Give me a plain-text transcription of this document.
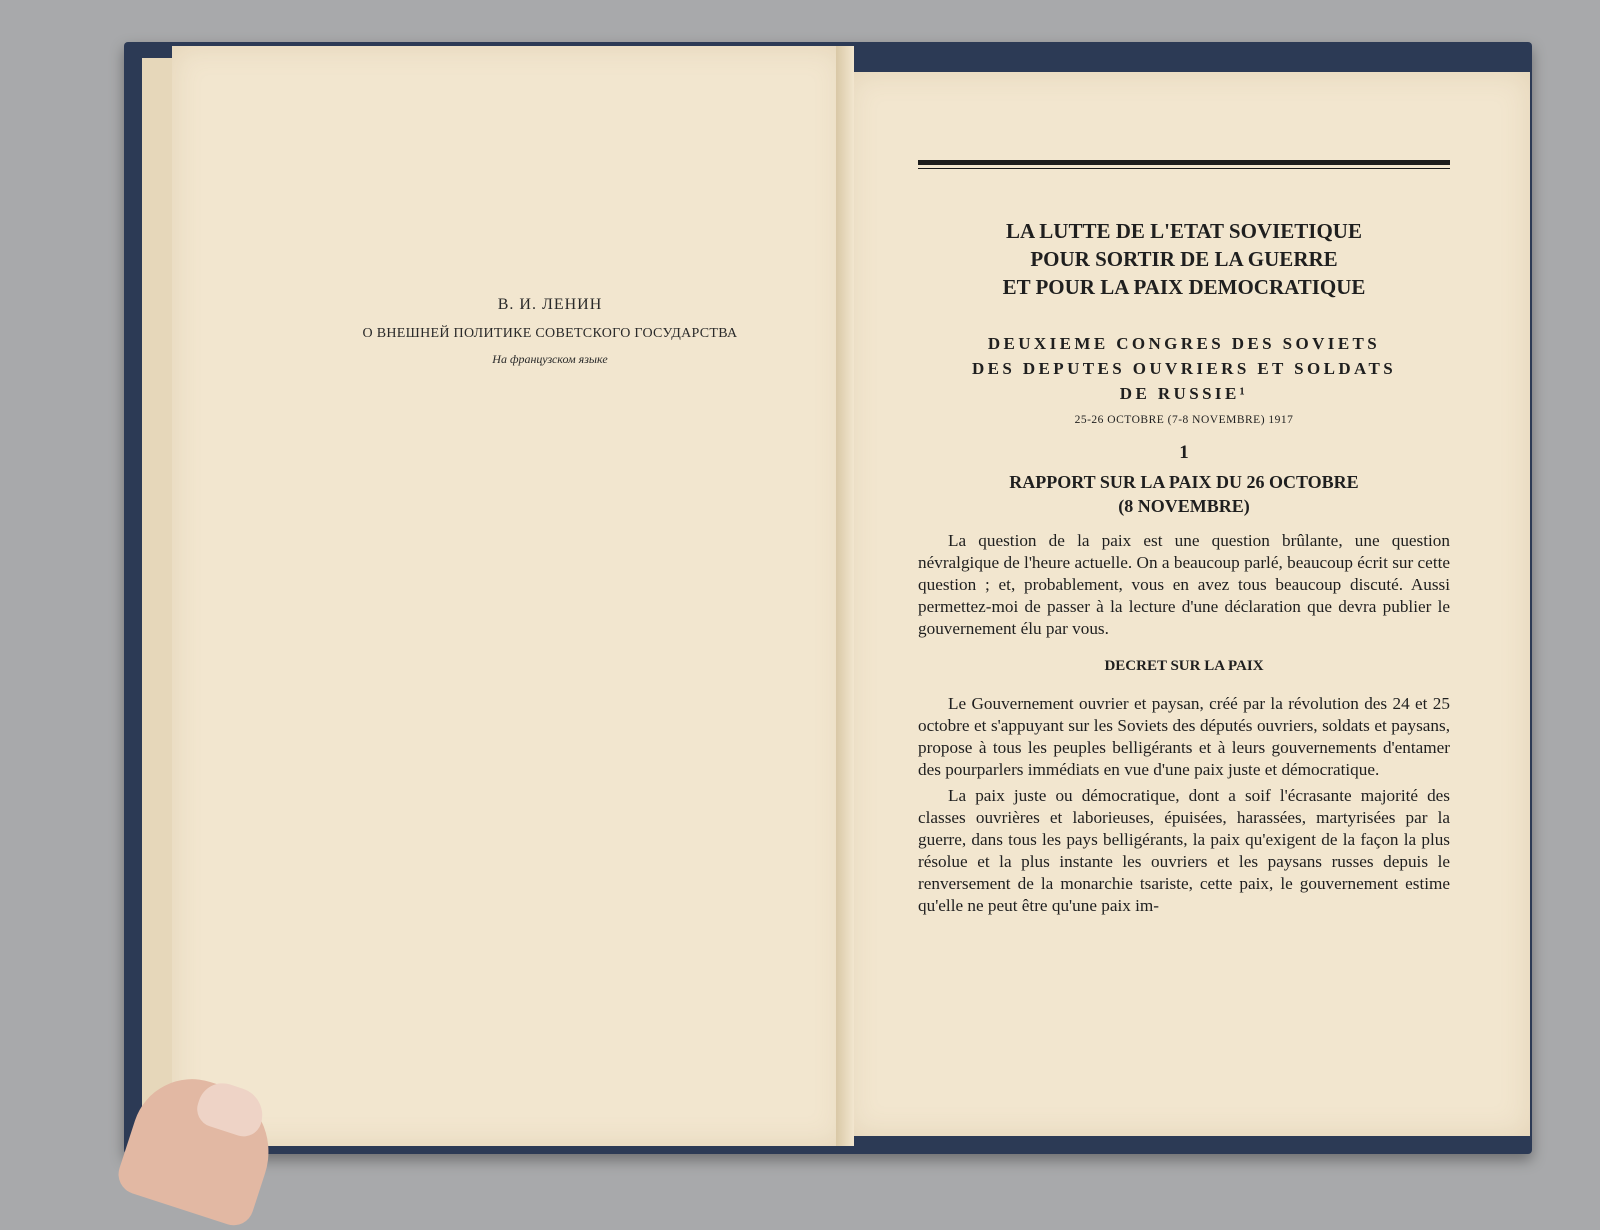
В. И. ЛЕНИН

О ВНЕШНЕЙ ПОЛИТИКЕ СОВЕТСКОГО ГОСУДАРСТВА

На французском языке

LA LUTTE DE L'ETAT SOVIETIQUE
POUR SORTIR DE LA GUERRE
ET POUR LA PAIX DEMOCRATIQUE
DEUXIEME CONGRES DES SOVIETS
DES DEPUTES OUVRIERS ET SOLDATS
DE RUSSIE¹
25-26 OCTOBRE (7-8 NOVEMBRE) 1917
1
RAPPORT SUR LA PAIX DU 26 OCTOBRE
(8 NOVEMBRE)

La question de la paix est une question brûlante, une question névralgique de l'heure actuelle. On a beaucoup parlé, beaucoup écrit sur cette question ; et, probablement, vous en avez tous beaucoup discuté. Aussi permettez-moi de passer à la lecture d'une déclaration que devra publier le gouvernement élu par vous.

DECRET SUR LA PAIX

Le Gouvernement ouvrier et paysan, créé par la révolution des 24 et 25 octobre et s'appuyant sur les Soviets des députés ouvriers, soldats et paysans, propose à tous les peuples belligérants et à leurs gouvernements d'entamer des pourparlers immédiats en vue d'une paix juste et démocratique.

La paix juste ou démocratique, dont a soif l'écrasante majorité des classes ouvrières et laborieuses, épuisées, harassées, martyrisées par la guerre, dans tous les pays belligérants, la paix qu'exigent de la façon la plus résolue et la plus instante les ouvriers et les paysans russes depuis le renversement de la monarchie tsariste, cette paix, le gouvernement estime qu'elle ne peut être qu'une paix im-
